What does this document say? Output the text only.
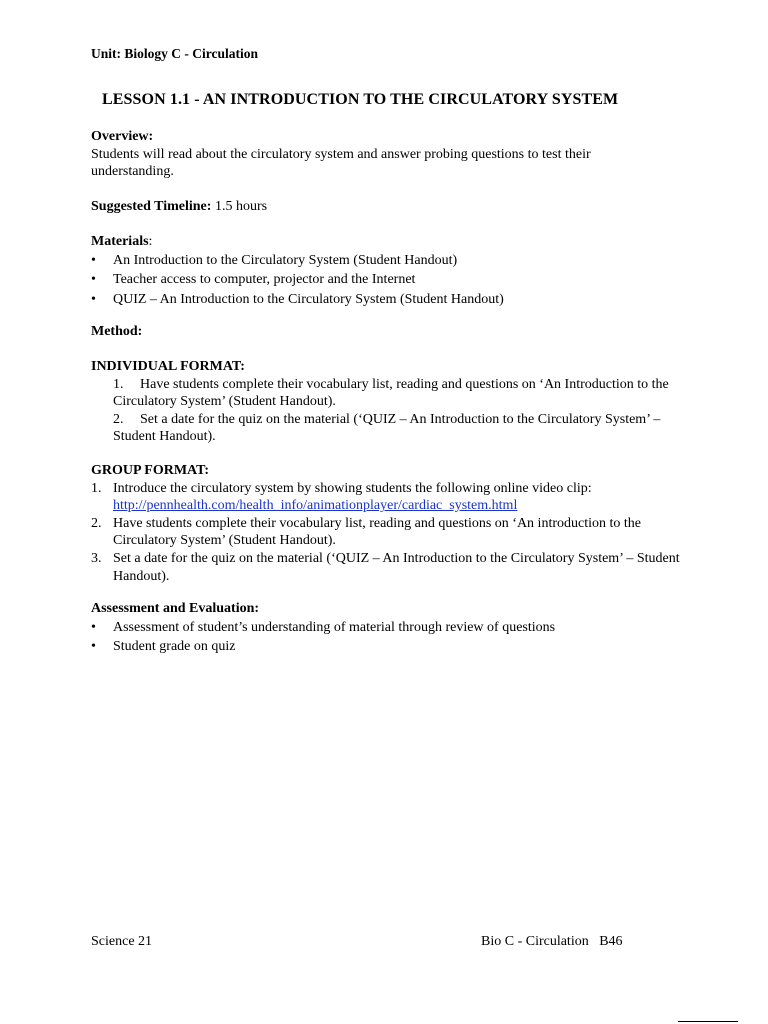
Unit: Biology C - Circulation
LESSON 1.1 - AN INTRODUCTION TO THE CIRCULATORY SYSTEM
Overview:

Students will read about the circulatory system and answer probing questions to test their understanding.

Suggested Timeline: 1.5 hours
Materials:
• An Introduction to the Circulatory System (Student Handout)
• Teacher access to computer, projector and the Internet
• QUIZ – An Introduction to the Circulatory System (Student Handout)
Method:
INDIVIDUAL FORMAT:
1.	Have students complete their vocabulary list, reading and questions on ‘An Introduction to the Circulatory System’ (Student Handout).
2.	Set a date for the quiz on the material (‘QUIZ – An Introduction to the Circulatory System’ – Student Handout).
GROUP FORMAT:
1. Introduce the circulatory system by showing students the following online video clip:
http://pennhealth.com/health_info/animationplayer/cardiac_system.html
2. Have students complete their vocabulary list, reading and questions on ‘An introduction to the Circulatory System’ (Student Handout).
3. Set a date for the quiz on the material (‘QUIZ – An Introduction to the Circulatory System’ – Student Handout).
Assessment and Evaluation:
• Assessment of student’s understanding of material through review of questions
• Student grade on quiz
Science 21	Bio C - Circulation   B46
